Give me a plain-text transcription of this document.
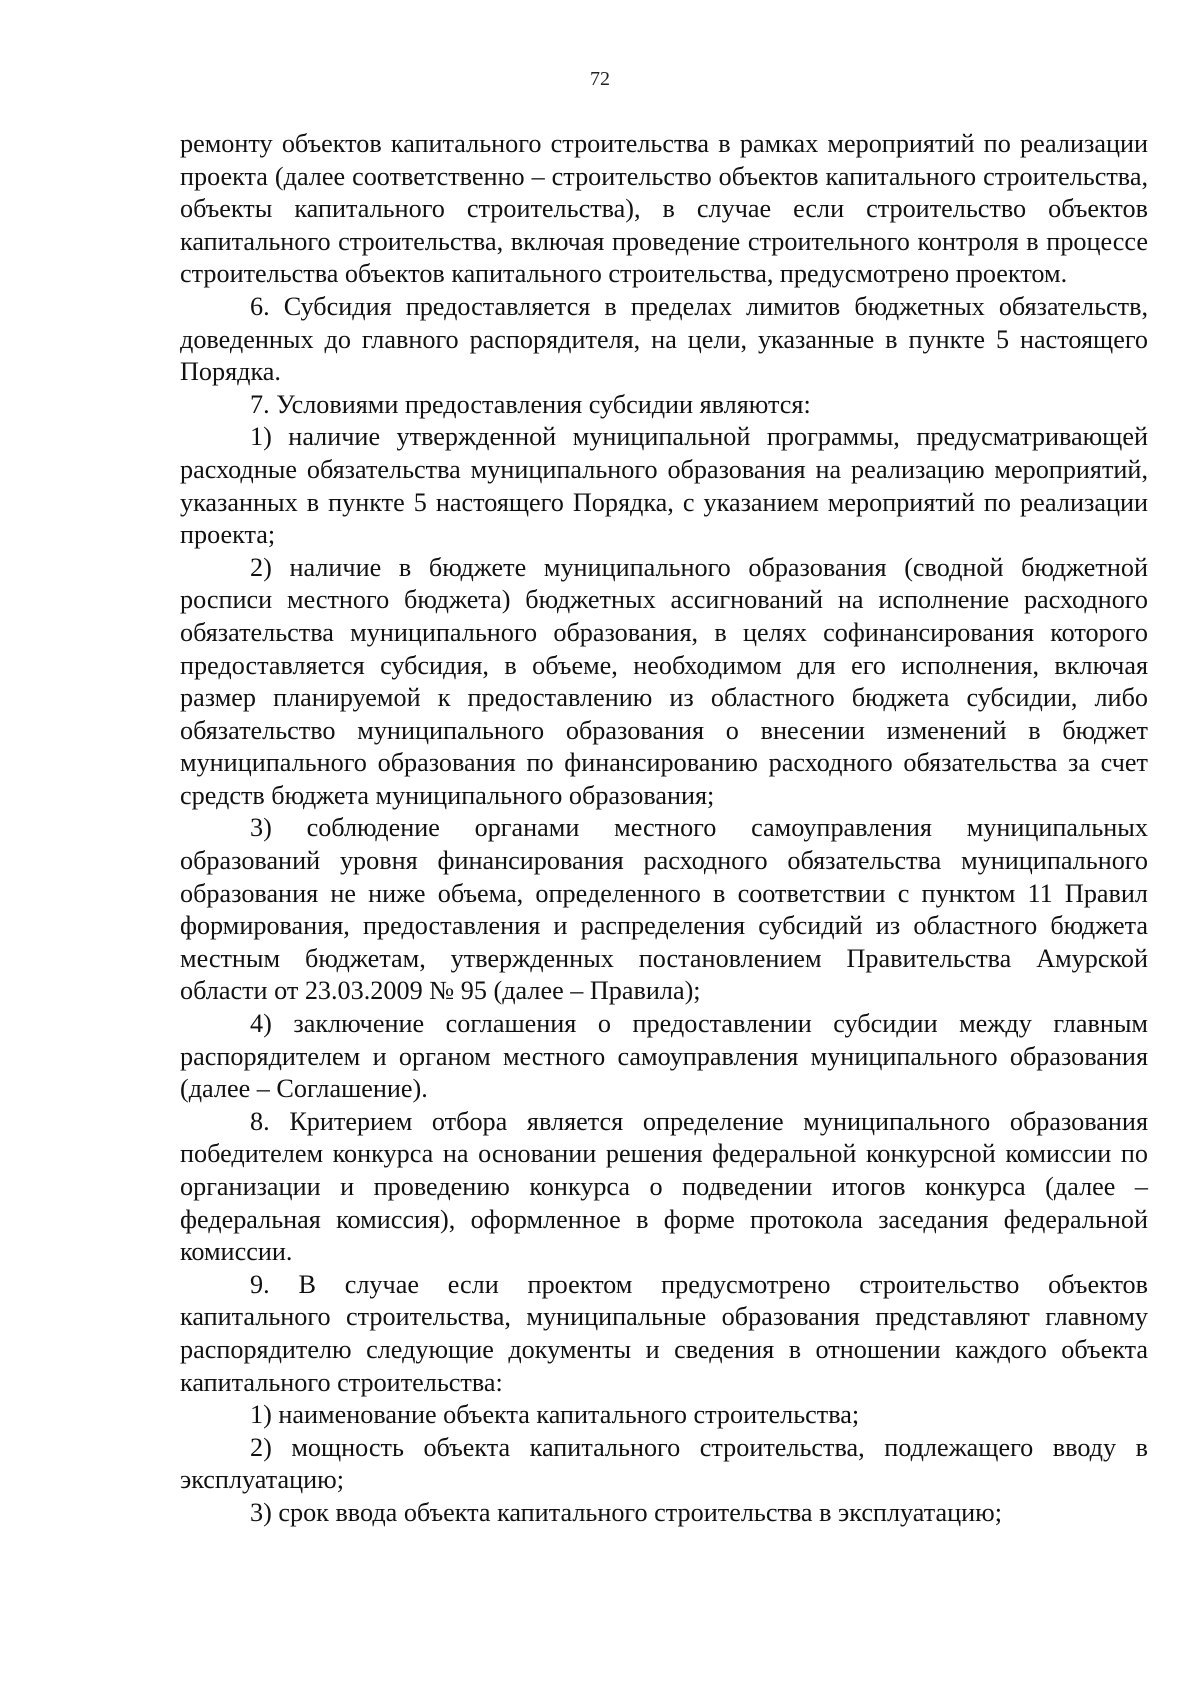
72

ремонту объектов капитального строительства в рамках мероприятий по реализации проекта (далее соответственно – строительство объектов капитального строительства, объекты капитального строительства), в случае если строительство объектов капитального строительства, включая проведение строительного контроля в процессе строительства объектов капитального строительства, предусмотрено проектом.

6. Субсидия предоставляется в пределах лимитов бюджетных обязательств, доведенных до главного распорядителя, на цели, указанные в пункте 5 настоящего Порядка.

7. Условиями предоставления субсидии являются:

1) наличие утвержденной муниципальной программы, предусматривающей расходные обязательства муниципального образования на реализацию мероприятий, указанных в пункте 5 настоящего Порядка, с указанием мероприятий по реализации проекта;

2) наличие в бюджете муниципального образования (сводной бюджетной росписи местного бюджета) бюджетных ассигнований на исполнение расходного обязательства муниципального образования, в целях софинансирования которого предоставляется субсидия, в объеме, необходимом для его исполнения, включая размер планируемой к предоставлению из областного бюджета субсидии, либо обязательство муниципального образования о внесении изменений в бюджет муниципального образования по финансированию расходного обязательства за счет средств бюджета муниципального образования;

3) соблюдение органами местного самоуправления муниципальных образований уровня финансирования расходного обязательства муниципального образования не ниже объема, определенного в соответствии с пунктом 11 Правил формирования, предоставления и распределения субсидий из областного бюджета местным бюджетам, утвержденных постановлением Правительства Амурской области от 23.03.2009 № 95 (далее – Правила);

4) заключение соглашения о предоставлении субсидии между главным распорядителем и органом местного самоуправления муниципального образования (далее – Соглашение).

8. Критерием отбора является определение муниципального образования победителем конкурса на основании решения федеральной конкурсной комиссии по организации и проведению конкурса о подведении итогов конкурса (далее – федеральная комиссия), оформленное в форме протокола заседания федеральной комиссии.

9. В случае если проектом предусмотрено строительство объектов капитального строительства, муниципальные образования представляют главному распорядителю следующие документы и сведения в отношении каждого объекта капитального строительства:

1) наименование объекта капитального строительства;

2) мощность объекта капитального строительства, подлежащего вводу в эксплуатацию;

3) срок ввода объекта капитального строительства в эксплуатацию;
